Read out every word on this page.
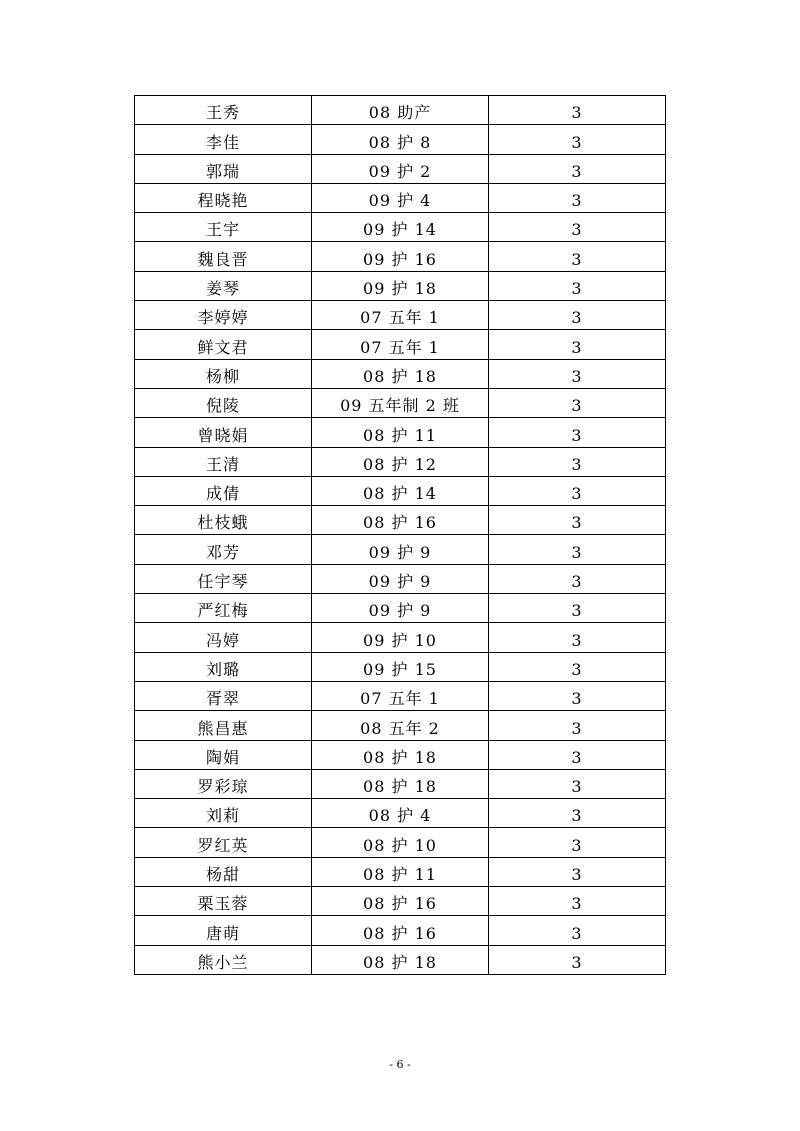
王秀	08 助产	3
李佳	08 护 8	3
郭瑞	09 护 2	3
程晓艳	09 护 4	3
王宇	09 护 14	3
魏良晋	09 护 16	3
姜琴	09 护 18	3
李婷婷	07 五年 1	3
鲜文君	07 五年 1	3
杨柳	08 护 18	3
倪陵	09 五年制 2 班	3
曾晓娟	08 护 11	3
王清	08 护 12	3
成倩	08 护 14	3
杜枝蛾	08 护 16	3
邓芳	09 护 9	3
任宇琴	09 护 9	3
严红梅	09 护 9	3
冯婷	09 护 10	3
刘璐	09 护 15	3
胥翠	07 五年 1	3
熊昌惠	08 五年 2	3
陶娟	08 护 18	3
罗彩琼	08 护 18	3
刘莉	08 护 4	3
罗红英	08 护 10	3
杨甜	08 护 11	3
栗玉蓉	08 护 16	3
唐萌	08 护 16	3
熊小兰	08 护 18	3
- 6 -
